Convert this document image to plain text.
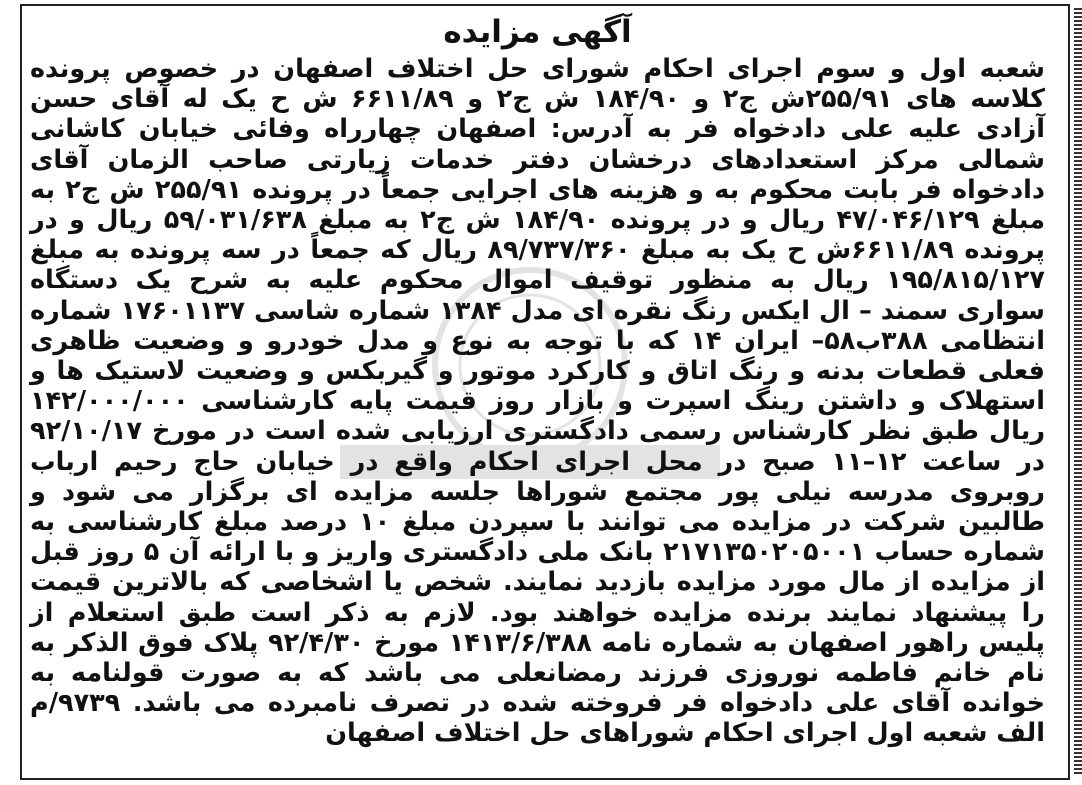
آگهی مزایده

شعبه اول و سوم اجرای احکام شورای حل اختلاف اصفهان در خصوص پرونده کلاسه های ۲۵۵/۹۱ش ج۲ و ۱۸۴/۹۰ ش ج۲ و ۶۶۱۱/۸۹ ش ح یک له آقای حسن آزادی علیه علی دادخواه فر به آدرس: اصفهان چهارراه وفائی خیابان کاشانی شمالی مرکز استعدادهای درخشان دفتر خدمات زیارتی صاحب الزمان آقای دادخواه فر بابت محکوم به و هزینه های اجرایی جمعاً در پرونده ۲۵۵/۹۱ ش ج۲ به مبلغ ۴۷/۰۴۶/۱۲۹ ریال و در پرونده ۱۸۴/۹۰ ش ج۲ به مبلغ ۵۹/۰۳۱/۶۳۸ ریال و در پرونده ۶۶۱۱/۸۹ش ح یک به مبلغ ۸۹/۷۳۷/۳۶۰ ریال که جمعاً در سه پرونده به مبلغ ۱۹۵/۸۱۵/۱۲۷ ریال به منظور توقیف اموال محکوم علیه به شرح یک دستگاه سواری سمند – ال ایکس رنگ نقره ای مدل ۱۳۸۴ شماره شاسی ۱۷۶۰۱۱۳۷ شماره انتظامی ۳۸۸ب۵۸– ایران ۱۴ که با توجه به نوع و مدل خودرو و وضعیت ظاهری فعلی قطعات بدنه و رنگ اتاق و کارکرد موتور و گیربکس و وضعیت لاستیک ها و استهلاک و داشتن رینگ اسپرت و بازار روز قیمت پایه کارشناسی ۱۴۲/۰۰۰/۰۰۰ ریال طبق نظر کارشناس رسمی دادگستری ارزیابی شده است در مورخ ۹۲/۱۰/۱۷ در ساعت ۱۲–۱۱ صبح در محل اجرای احکام واقع در خیابان حاج رحیم ارباب روبروی مدرسه نیلی پور مجتمع شوراها جلسه مزایده ای برگزار می شود و طالبین شرکت در مزایده می توانند با سپردن مبلغ ۱۰ درصد مبلغ کارشناسی به شماره حساب ۲۱۷۱۳۵۰۲۰۵۰۰۱ بانک ملی دادگستری واریز و با ارائه آن ۵ روز قبل از مزایده از مال مورد مزایده بازدید نمایند. شخص یا اشخاصی که بالاترین قیمت را پیشنهاد نمایند برنده مزایده خواهند بود. لازم به ذکر است طبق استعلام از پلیس راهور اصفهان به شماره نامه ۱۴۱۳/۶/۳۸۸ مورخ ۹۲/۴/۳۰ پلاک فوق الذکر به نام خانم فاطمه نوروزی فرزند رمضانعلی می باشد که به صورت قولنامه به خوانده آقای علی دادخواه فر فروخته شده در تصرف نامبرده می باشد. ۹۷۳۹/م الف شعبه اول اجرای احکام شوراهای حل اختلاف اصفهان
